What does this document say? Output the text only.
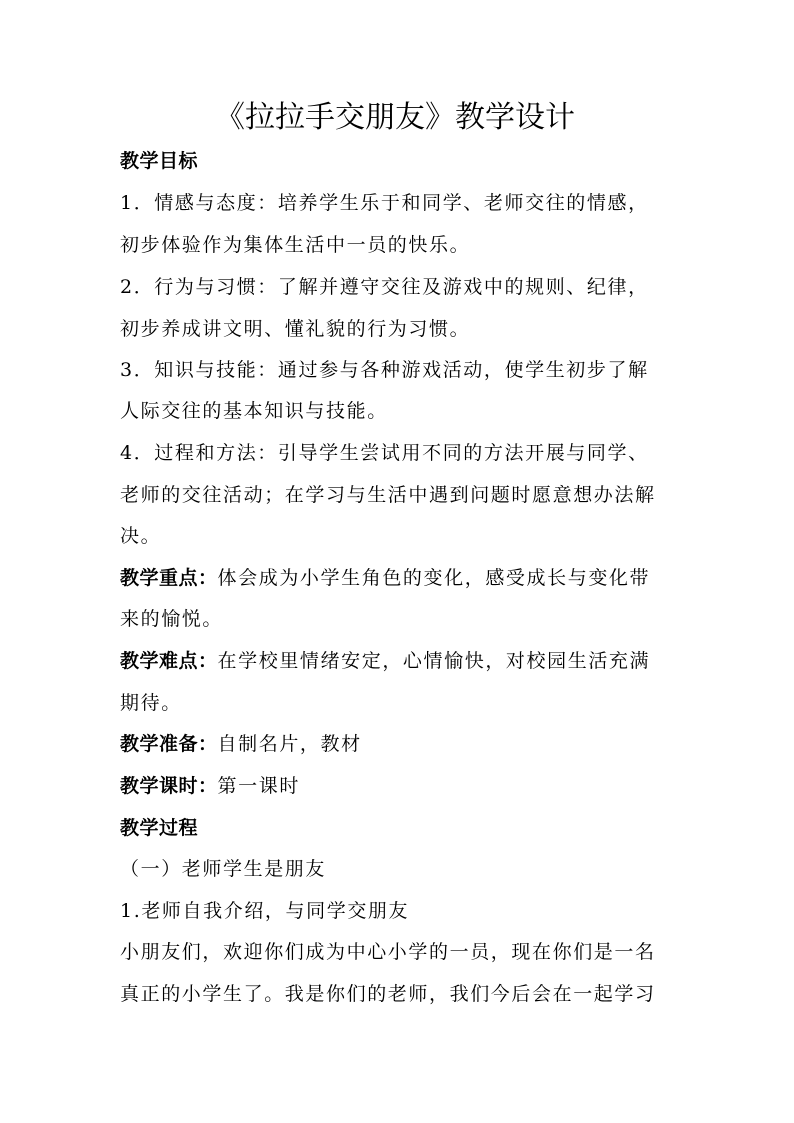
《拉拉手交朋友》教学设计
教学目标
1．情感与态度：培养学生乐于和同学、老师交往的情感，
初步体验作为集体生活中一员的快乐。
2．行为与习惯：了解并遵守交往及游戏中的规则、纪律，
初步养成讲文明、懂礼貌的行为习惯。
3．知识与技能：通过参与各种游戏活动，使学生初步了解
人际交往的基本知识与技能。
4．过程和方法：引导学生尝试用不同的方法开展与同学、
老师的交往活动；在学习与生活中遇到问题时愿意想办法解
决。
教学重点：体会成为小学生角色的变化，感受成长与变化带
来的愉悦。
教学难点：在学校里情绪安定，心情愉快，对校园生活充满
期待。
教学准备：自制名片，教材
教学课时：第一课时
教学过程
（一）老师学生是朋友
1.老师自我介绍，与同学交朋友
小朋友们，欢迎你们成为中心小学的一员，现在你们是一名
真正的小学生了。我是你们的老师，我们今后会在一起学习
